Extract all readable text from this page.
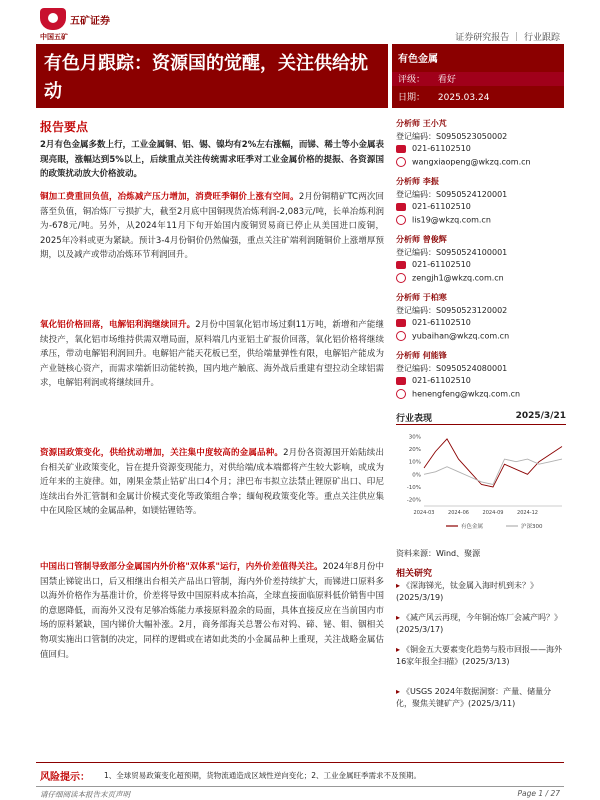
五矿证券
中国五矿	证券研究报告 ｜ 行业跟踪
有色月跟踪：资源国的觉醒，关注供给扰动
有色金属
评级： 看好
日期： 2025.03.24
报告要点
2月有色金属多数上行，工业金属铜、铝、锡、镍均有2%左右涨幅，而锑、稀土等小金属表现亮眼，涨幅达到5%以上，后续重点关注传统需求旺季对工业金属价格的提振、各资源国的政策扰动放大价格波动。
铜加工费重回负值，冶炼减产压力增加，消费旺季铜价上涨有空间。2月份铜精矿TC两次回落至负值，铜冶炼厂亏损扩大，截至2月底中国铜现货冶炼利润-2,083元/吨，长单冶炼利润为-678元/吨。另外，从2024年11月下旬开始国内废铜贸易商已停止从美国进口废铜，2025年冷料或更为紧缺。预计3-4月份铜价仍然偏强，重点关注矿端利润随铜价上涨增厚预期，以及减产或带动冶炼环节利润回升。
氧化铝价格回落，电解铝利润继续回升。2月份中国氧化铝市场过剩11万吨，新增和产能继续投产，氧化铝市场维持供需双增局面，原料端几内亚铝土矿报价回落，氧化铝价格将继续承压，带动电解铝利润回升。电解铝产能天花板已至，供给端量弹性有限，电解铝产能成为产业链核心资产，而需求端新旧动能转换，国内地产触底、海外战后重建有望拉动全球铝需求，电解铝利润或将继续回升。
资源国政策变化，供给扰动增加，关注集中度较高的金属品种。2月份各资源国开始陆续出台相关矿业政策变化，旨在提升资源变现能力，对供给端/成本端都将产生较大影响，或成为近年来的主旋律。如，刚果金禁止钴矿出口4个月；津巴布韦拟立法禁止锂原矿出口、印尼连续出台外汇管制和金属计价模式变化等政策组合拳；缅甸税政策变化等。重点关注供应集中在风险区域的金属品种，如镁钴锂锆等。
中国出口管制导致部分金属国内外价格"双体系"运行，内外价差值得关注。2024年8月份中国禁止锑锭出口，后又相继出台相关产品出口管制，海内外价差持续扩大，而锑进口原料多以海外价格作为基准计价，价差将导致中国原料成本抬高，全球直接面临原料低价销售中国的意愿降低，而海外又没有足够冶炼能力承接原料盈余的局面，具体直接反应在当前国内市场的原料紧缺，国内锑价大幅补涨。2月，商务部海关总署公布对钨、碲、铋、钼、铟相关物项实施出口管制的决定，同样的逻辑或在诸如此类的小金属品种上重现，关注战略金属估值回归。
分析师 王小芃
登记编码：S0950523050002
021-61102510
wangxiaopeng@wkzq.com.cn
分析师 李振
登记编码：S0950524120001
021-61102510
lis19@wkzq.com.cn
分析师 曾俊辉
登记编码：S0950524100001
021-61102510
zengjh1@wkzq.com.cn
分析师 于柏寒
登记编码：S0950523120002
021-61102510
yubaihan@wkzq.com.cn
分析师 何能锋
登记编码：S0950524080001
021-61102510
henengfeng@wkzq.com.cn
行业表现	2025/3/21
30%
20%
10%
0%
-10%
-20%
2024-03	2024-06	2024-09	2024-12
有色金属	沪深300
资料来源：Wind、聚源
相关研究
▸ 《深海锑光，钛金属入海时机到未？》(2025/3/19)
▸ 《减产风云再现，今年铜冶炼厂会减产吗？》(2025/3/17)
▸ 《铜金五大要素变化趋势与股市回报——海外16家年报全扫描》(2025/3/13)
▸ 《USGS 2024年数据洞察：产量、储量分化，聚焦关键矿产》(2025/3/11)
风险提示： 1、全球贸易政策变化超预期，货物流通造成区域性逆向变化；2、工业金属旺季需求不及预期。
请仔细阅读本报告末页声明	Page 1 / 27
